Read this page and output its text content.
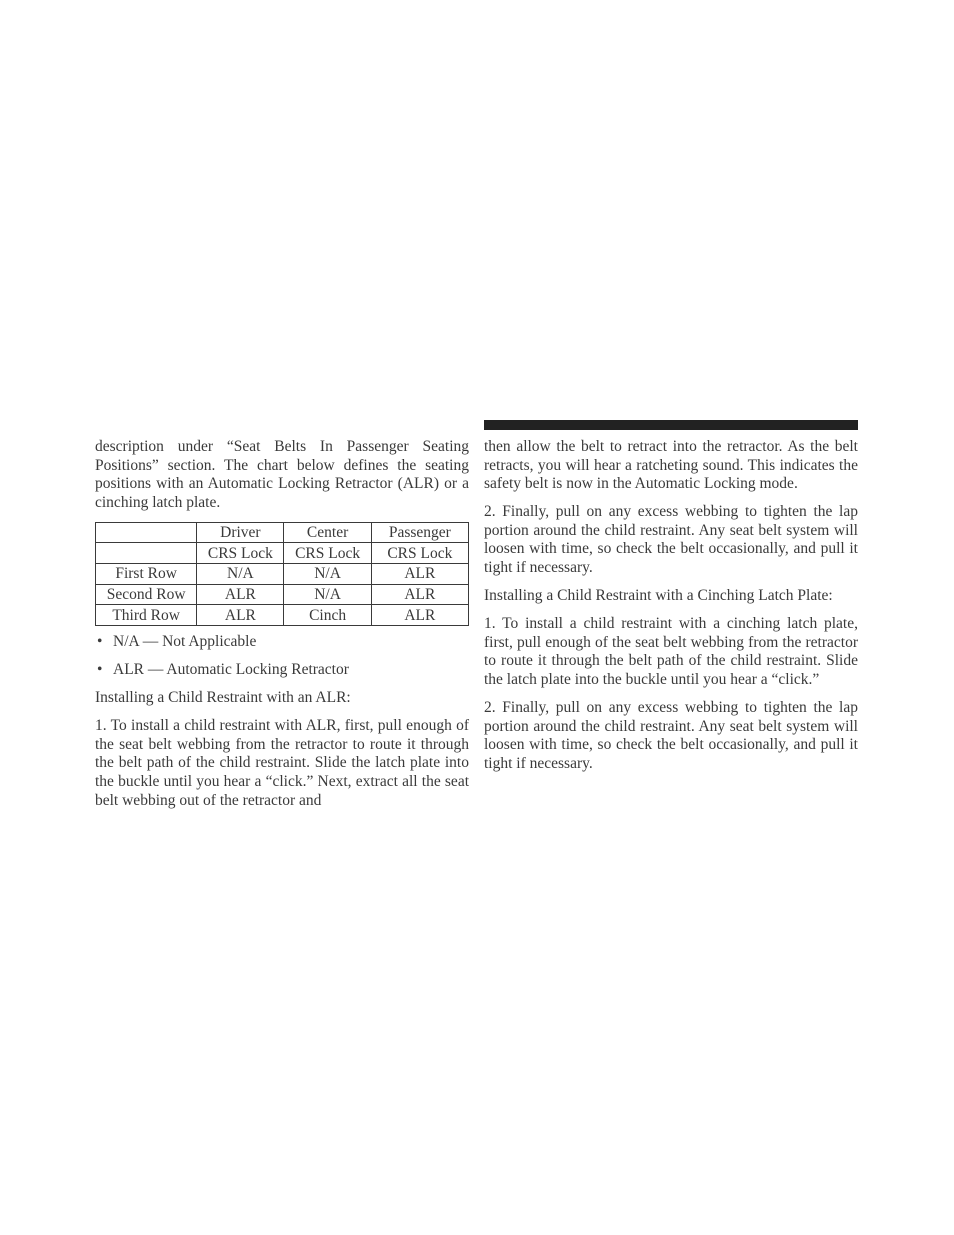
description under “Seat Belts In Passenger Seating Positions” section. The chart below defines the seating positions with an Automatic Locking Retractor (ALR) or a cinching latch plate.

	Driver	Center	Passenger
	CRS Lock	CRS Lock	CRS Lock
First Row	N/A	N/A	ALR
Second Row	ALR	N/A	ALR
Third Row	ALR	Cinch	ALR
• N/A — Not Applicable
• ALR — Automatic Locking Retractor

Installing a Child Restraint with an ALR:

1. To install a child restraint with ALR, first, pull enough of the seat belt webbing from the retractor to route it through the belt path of the child restraint. Slide the latch plate into the buckle until you hear a “click.” Next, extract all the seat belt webbing out of the retractor and

then allow the belt to retract into the retractor. As the belt retracts, you will hear a ratcheting sound. This indicates the safety belt is now in the Automatic Locking mode.

2. Finally, pull on any excess webbing to tighten the lap portion around the child restraint. Any seat belt system will loosen with time, so check the belt occasionally, and pull it tight if necessary.

Installing a Child Restraint with a Cinching Latch Plate:

1. To install a child restraint with a cinching latch plate, first, pull enough of the seat belt webbing from the retractor to route it through the belt path of the child restraint. Slide the latch plate into the buckle until you hear a “click.”

2. Finally, pull on any excess webbing to tighten the lap portion around the child restraint. Any seat belt system will loosen with time, so check the belt occasionally, and pull it tight if necessary.
